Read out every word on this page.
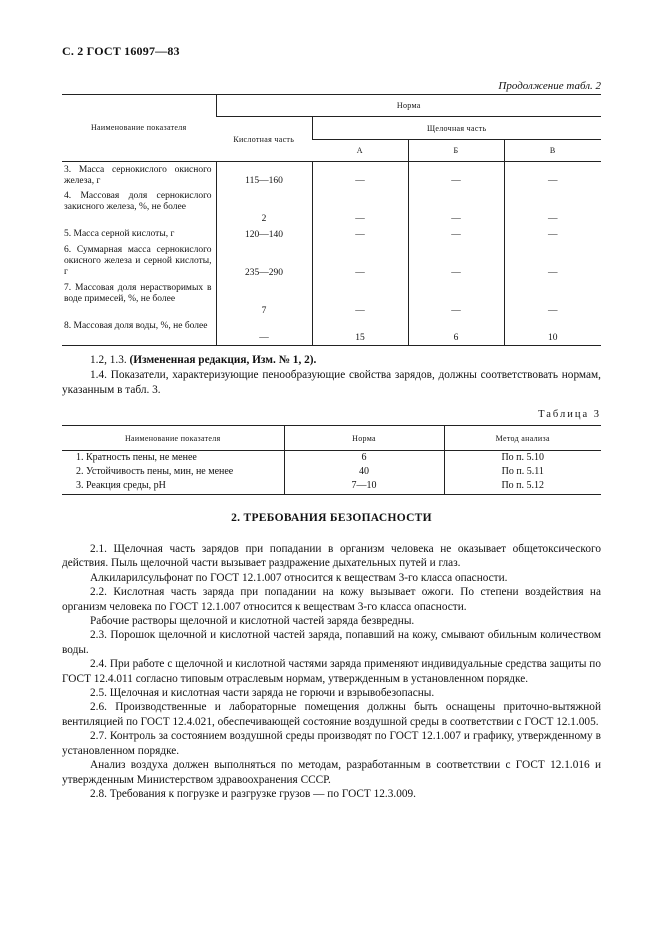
С. 2 ГОСТ 16097—83
Продолжение табл. 2
Наименование показателя	Норма			
	Кислотная часть	Щелочная часть		
		А	Б	В
3. Масса сернокислого окисного железа, г	115—160	—	—	—
4. Массовая доля сернокислого закисного железа, %, не более	2	—	—	—
5. Масса серной кислоты, г	120—140	—	—	—
6. Суммарная масса сернокислого окисного железа и серной кислоты, г	235—290	—	—	—
7. Массовая доля нерастворимых в воде примесей, %, не более	7	—	—	—
8. Массовая доля воды, %, не более	—	15	6	10
1.2, 1.3. (Измененная редакция, Изм. № 1, 2).
1.4. Показатели, характеризующие пенообразующие свойства зарядов, должны соответствовать нормам, указанным в табл. 3.
Таблица 3
Наименование показателя	Норма	Метод анализа
1. Кратность пены, не менее	6	По п. 5.10
2. Устойчивость пены, мин, не менее	40	По п. 5.11
3. Реакция среды, pH	7—10	По п. 5.12
2. ТРЕБОВАНИЯ БЕЗОПАСНОСТИ

2.1. Щелочная часть зарядов при попадании в организм человека не оказывает общетоксического действия. Пыль щелочной части вызывает раздражение дыхательных путей и глаз.

Алкиларилсульфонат по ГОСТ 12.1.007 относится к веществам 3-го класса опасности.

2.2. Кислотная часть заряда при попадании на кожу вызывает ожоги. По степени воздействия на организм человека по ГОСТ 12.1.007 относится к веществам 3-го класса опасности.

Рабочие растворы щелочной и кислотной частей заряда безвредны.

2.3. Порошок щелочной и кислотной частей заряда, попавший на кожу, смывают обильным количеством воды.

2.4. При работе с щелочной и кислотной частями заряда применяют индивидуальные средства защиты по ГОСТ 12.4.011 согласно типовым отраслевым нормам, утвержденным в установленном порядке.

2.5. Щелочная и кислотная части заряда не горючи и взрывобезопасны.

2.6. Производственные и лабораторные помещения должны быть оснащены приточно-вытяжной вентиляцией по ГОСТ 12.4.021, обеспечивающей состояние воздушной среды в соответствии с ГОСТ 12.1.005.

2.7. Контроль за состоянием воздушной среды производят по ГОСТ 12.1.007 и графику, утвержденному в установленном порядке.

Анализ воздуха должен выполняться по методам, разработанным в соответствии с ГОСТ 12.1.016 и утвержденным Министерством здравоохранения СССР.

2.8. Требования к погрузке и разгрузке грузов — по ГОСТ 12.3.009.
